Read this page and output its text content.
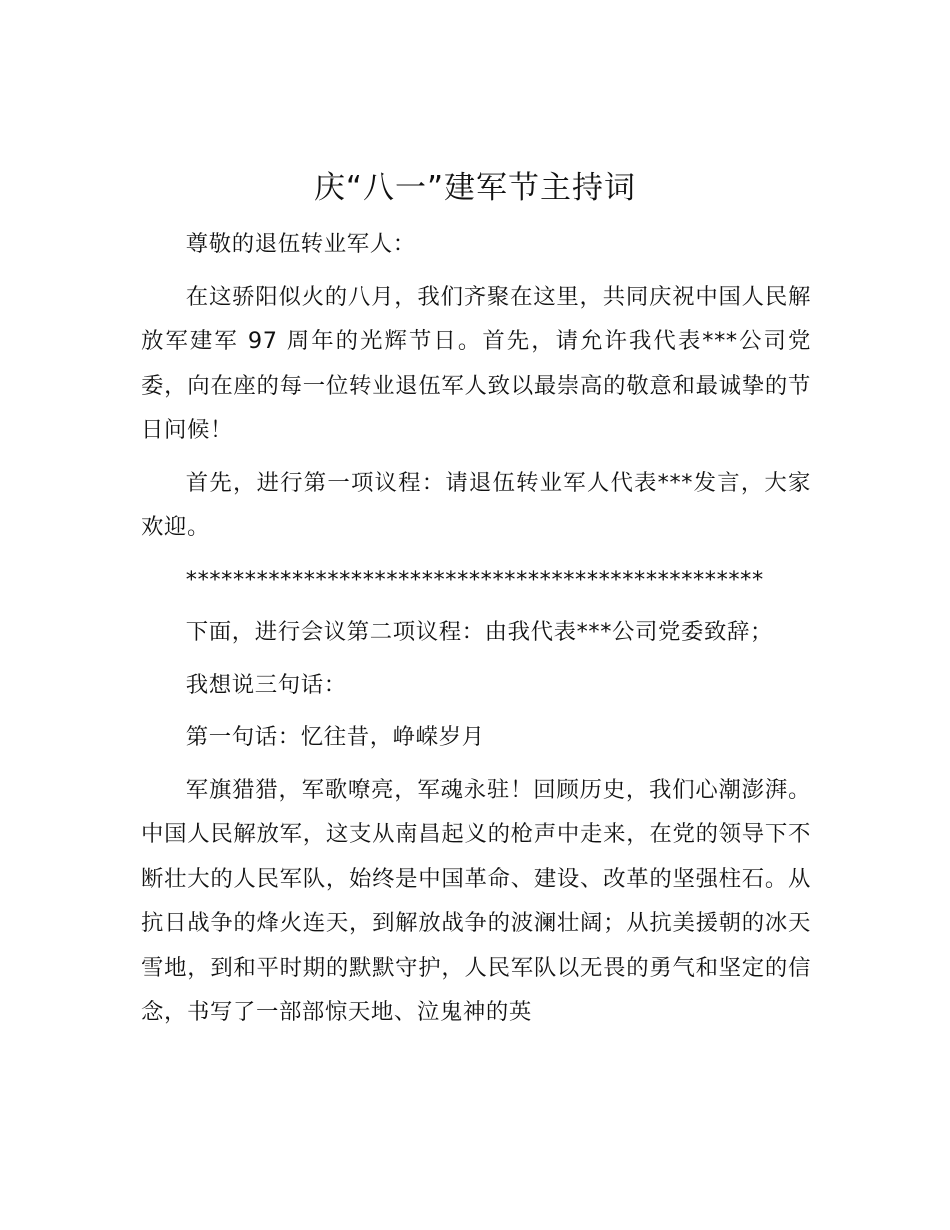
庆“八一”建军节主持词

尊敬的退伍转业军人：

在这骄阳似火的八月，我们齐聚在这里，共同庆祝中国人民解放军建军 97 周年的光辉节日。首先，请允许我代表***公司党委，向在座的每一位转业退伍军人致以最崇高的敬意和最诚挚的节日问候！

首先，进行第一项议程：请退伍转业军人代表***发言，大家欢迎。

*************************************************

下面，进行会议第二项议程：由我代表***公司党委致辞；

我想说三句话：

第一句话：忆往昔，峥嵘岁月

军旗猎猎，军歌嘹亮，军魂永驻！回顾历史，我们心潮澎湃。中国人民解放军，这支从南昌起义的枪声中走来，在党的领导下不断壮大的人民军队，始终是中国革命、建设、改革的坚强柱石。从抗日战争的烽火连天，到解放战争的波澜壮阔；从抗美援朝的冰天雪地，到和平时期的默默守护，人民军队以无畏的勇气和坚定的信念，书写了一部部惊天地、泣鬼神的英
